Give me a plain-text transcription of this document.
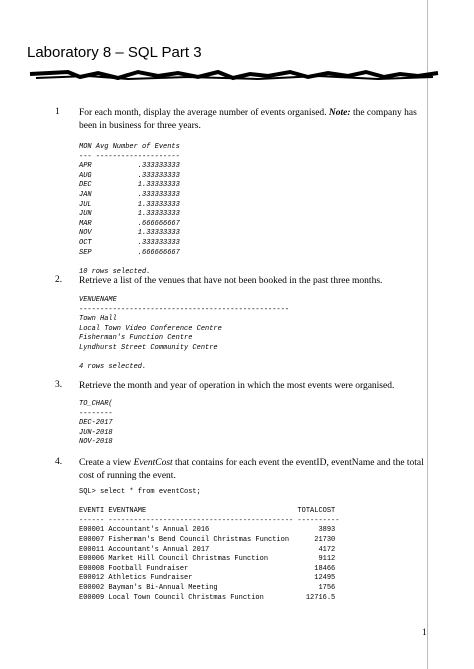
Laboratory 8 – SQL Part 3
1 For each month, display the average number of events organised. Note: the company has been in business for three years.
MON Avg Number of Events
--- --------------------
APR           .333333333
AUG           .333333333
DEC           1.33333333
JAN           .333333333
JUL           1.33333333
JUN           1.33333333
MAR           .666666667
NOV           1.33333333
OCT           .333333333
SEP           .666666667

10 rows selected.
2. Retrieve a list of the venues that have not been booked in the past three months.
VENUENAME
--------------------------------------------------
Town Hall
Local Town Video Conference Centre
Fisherman's Function Centre
Lyndhurst Street Community Centre

4 rows selected.
3. Retrieve the month and year of operation in which the most events were organised.
TO_CHAR(
--------
DEC-2017
JUN-2018
NOV-2018
4. Create a view EventCost that contains for each event the eventID, eventName and the total cost of running the event.
SQL> select * from eventCost;

EVENTI EVENTNAME                                    TOTALCOST
------ -------------------------------------------- ----------
E00001 Accountant's Annual 2016                          3893
E00007 Fisherman's Bend Council Christmas Function      21730
E00011 Accountant's Annual 2017                          4172
E00006 Market Hill Council Christmas Function            9112
E00008 Football Fundraiser                              18466
E00012 Athletics Fundraiser                             12495
E00002 Bayman's Bi-Annual Meeting                        1756
E00009 Local Town Council Christmas Function          12716.5
1
